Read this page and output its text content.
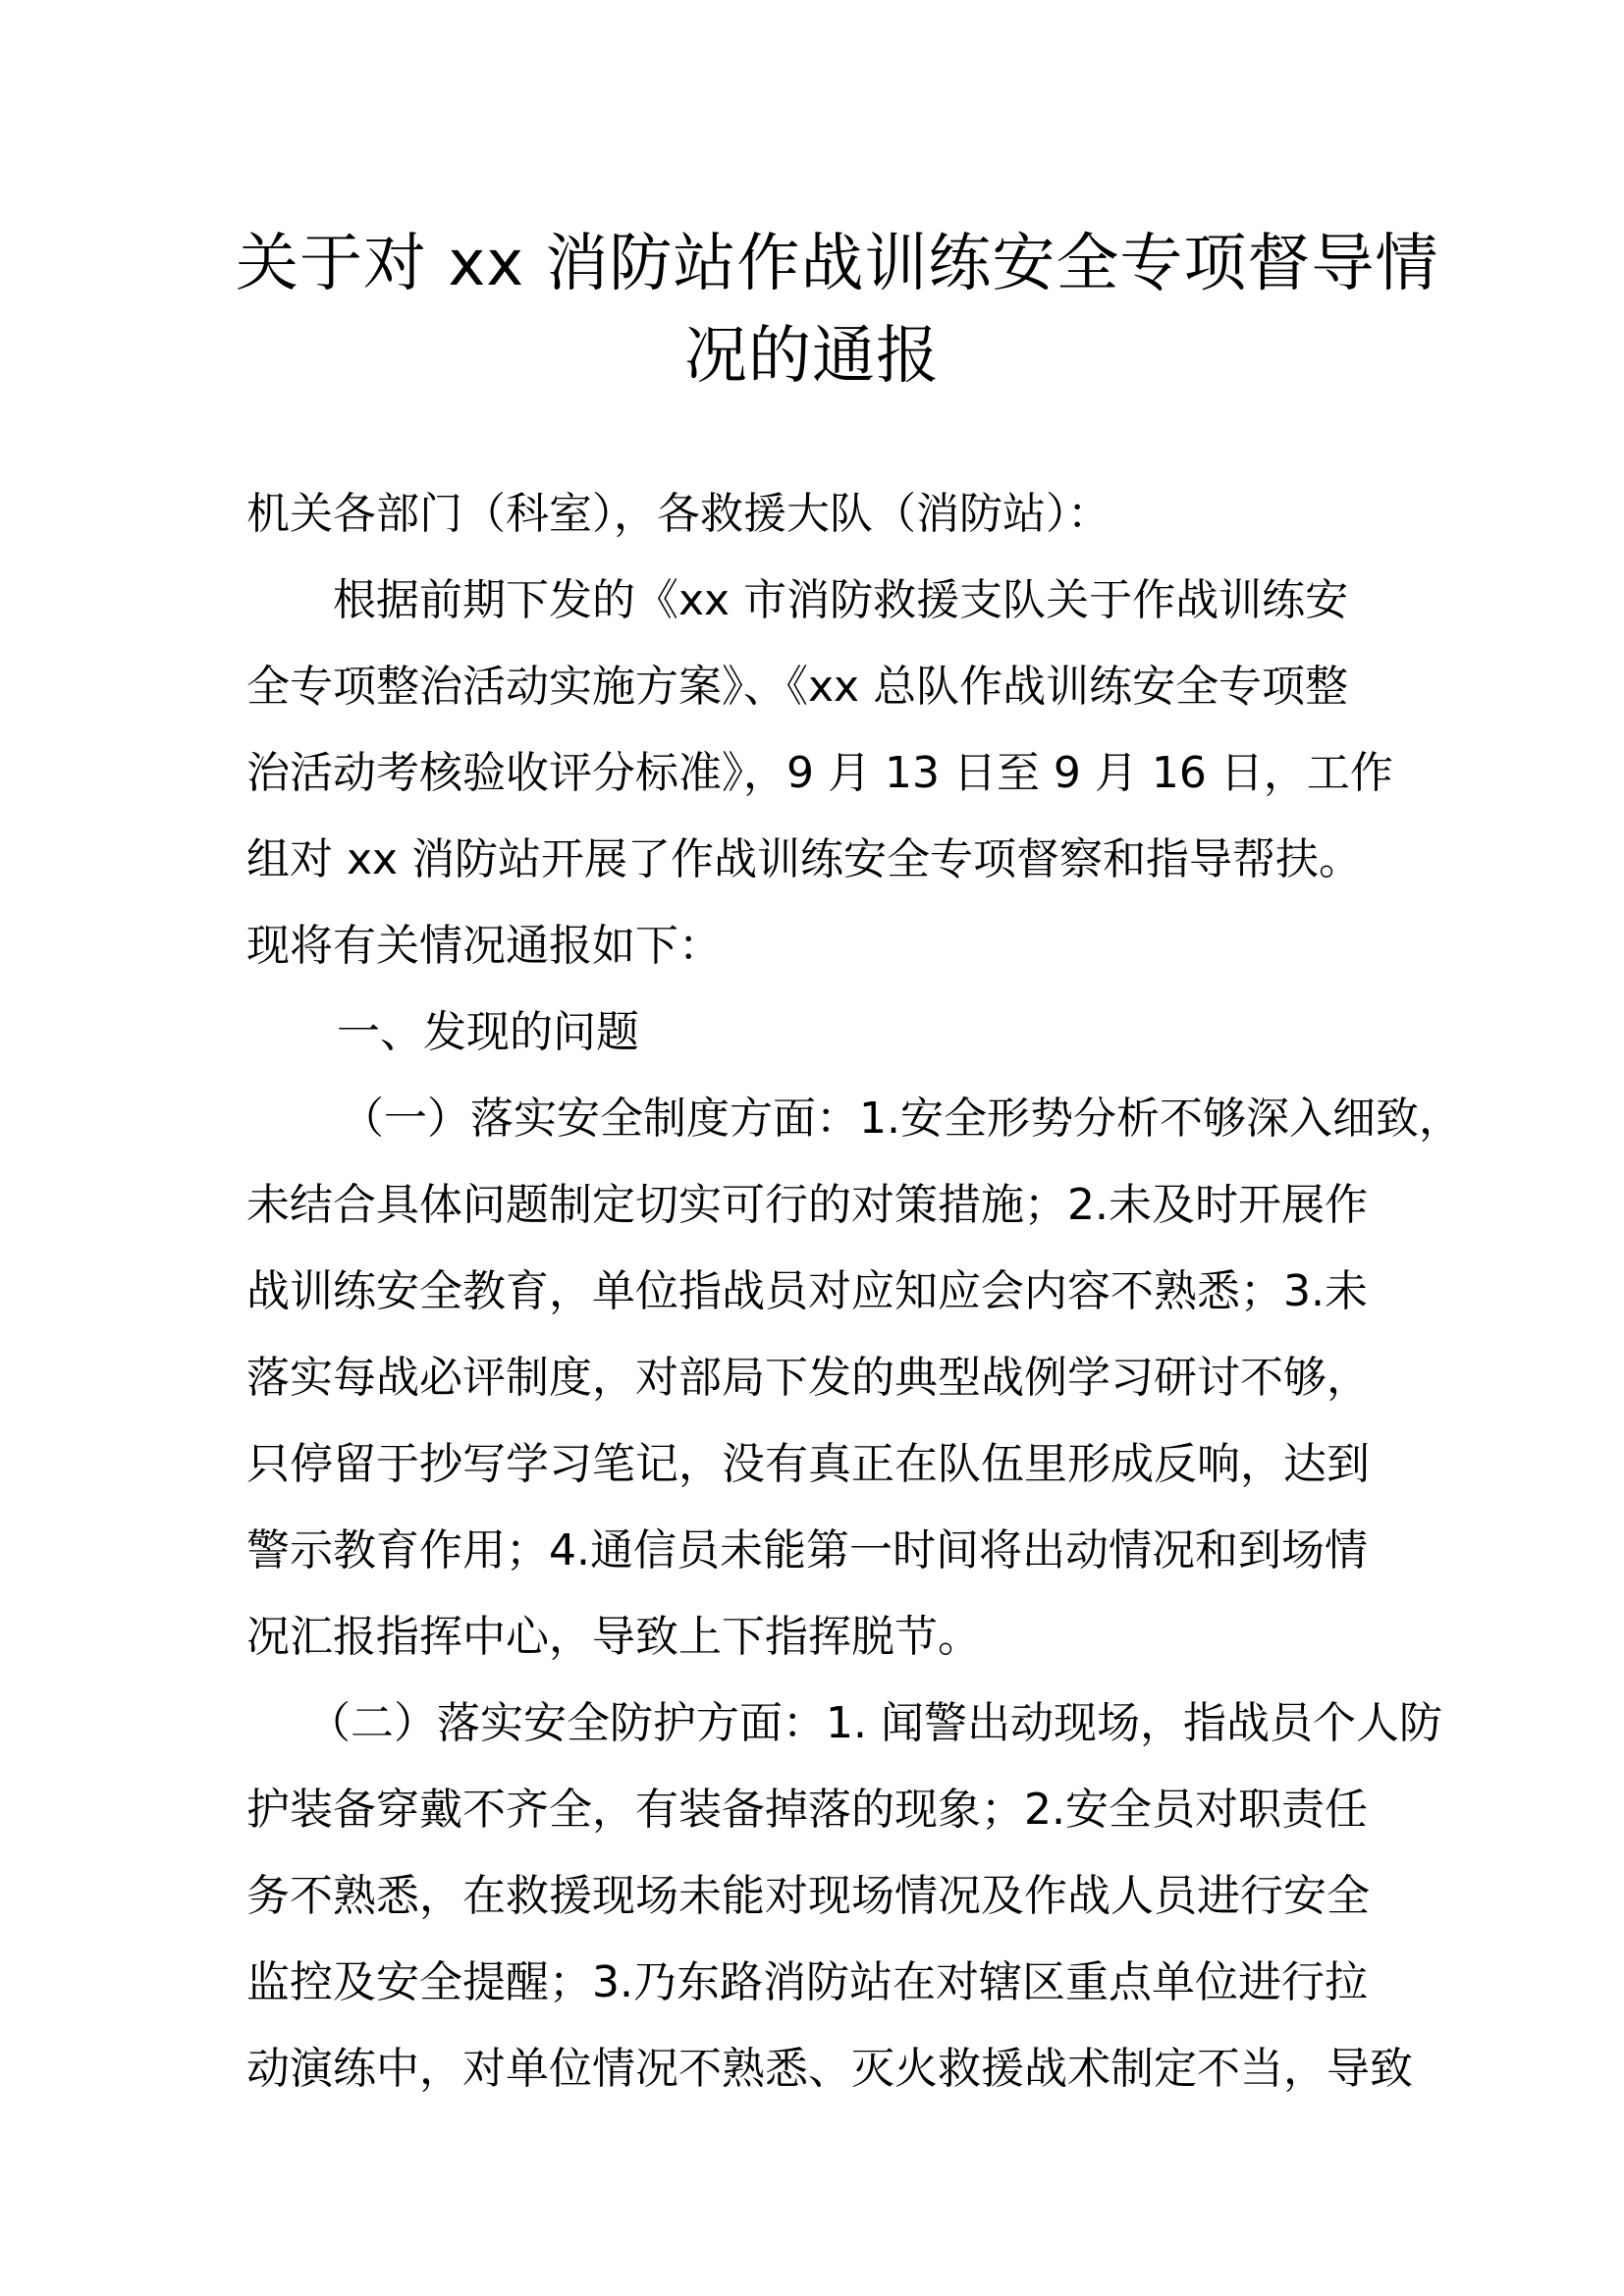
关于对 xx 消防站作战训练安全专项督导情
况的通报
机关各部门（科室），各救援大队（消防站）：
根据前期下发的《xx 市消防救援支队关于作战训练安
全专项整治活动实施方案》、《xx 总队作战训练安全专项整
治活动考核验收评分标准》，9 月 13 日至 9 月 16 日，工作
组对 xx 消防站开展了作战训练安全专项督察和指导帮扶。
现将有关情况通报如下：
一、发现的问题
（一）落实安全制度方面：1.安全形势分析不够深入细致，
未结合具体问题制定切实可行的对策措施；2.未及时开展作
战训练安全教育，单位指战员对应知应会内容不熟悉；3.未
落实每战必评制度，对部局下发的典型战例学习研讨不够，
只停留于抄写学习笔记，没有真正在队伍里形成反响，达到
警示教育作用；4.通信员未能第一时间将出动情况和到场情
况汇报指挥中心，导致上下指挥脱节。
（二）落实安全防护方面：1. 闻警出动现场，指战员个人防
护装备穿戴不齐全，有装备掉落的现象；2.安全员对职责任
务不熟悉，在救援现场未能对现场情况及作战人员进行安全
监控及安全提醒；3.乃东路消防站在对辖区重点单位进行拉
动演练中，对单位情况不熟悉、灭火救援战术制定不当，导致
